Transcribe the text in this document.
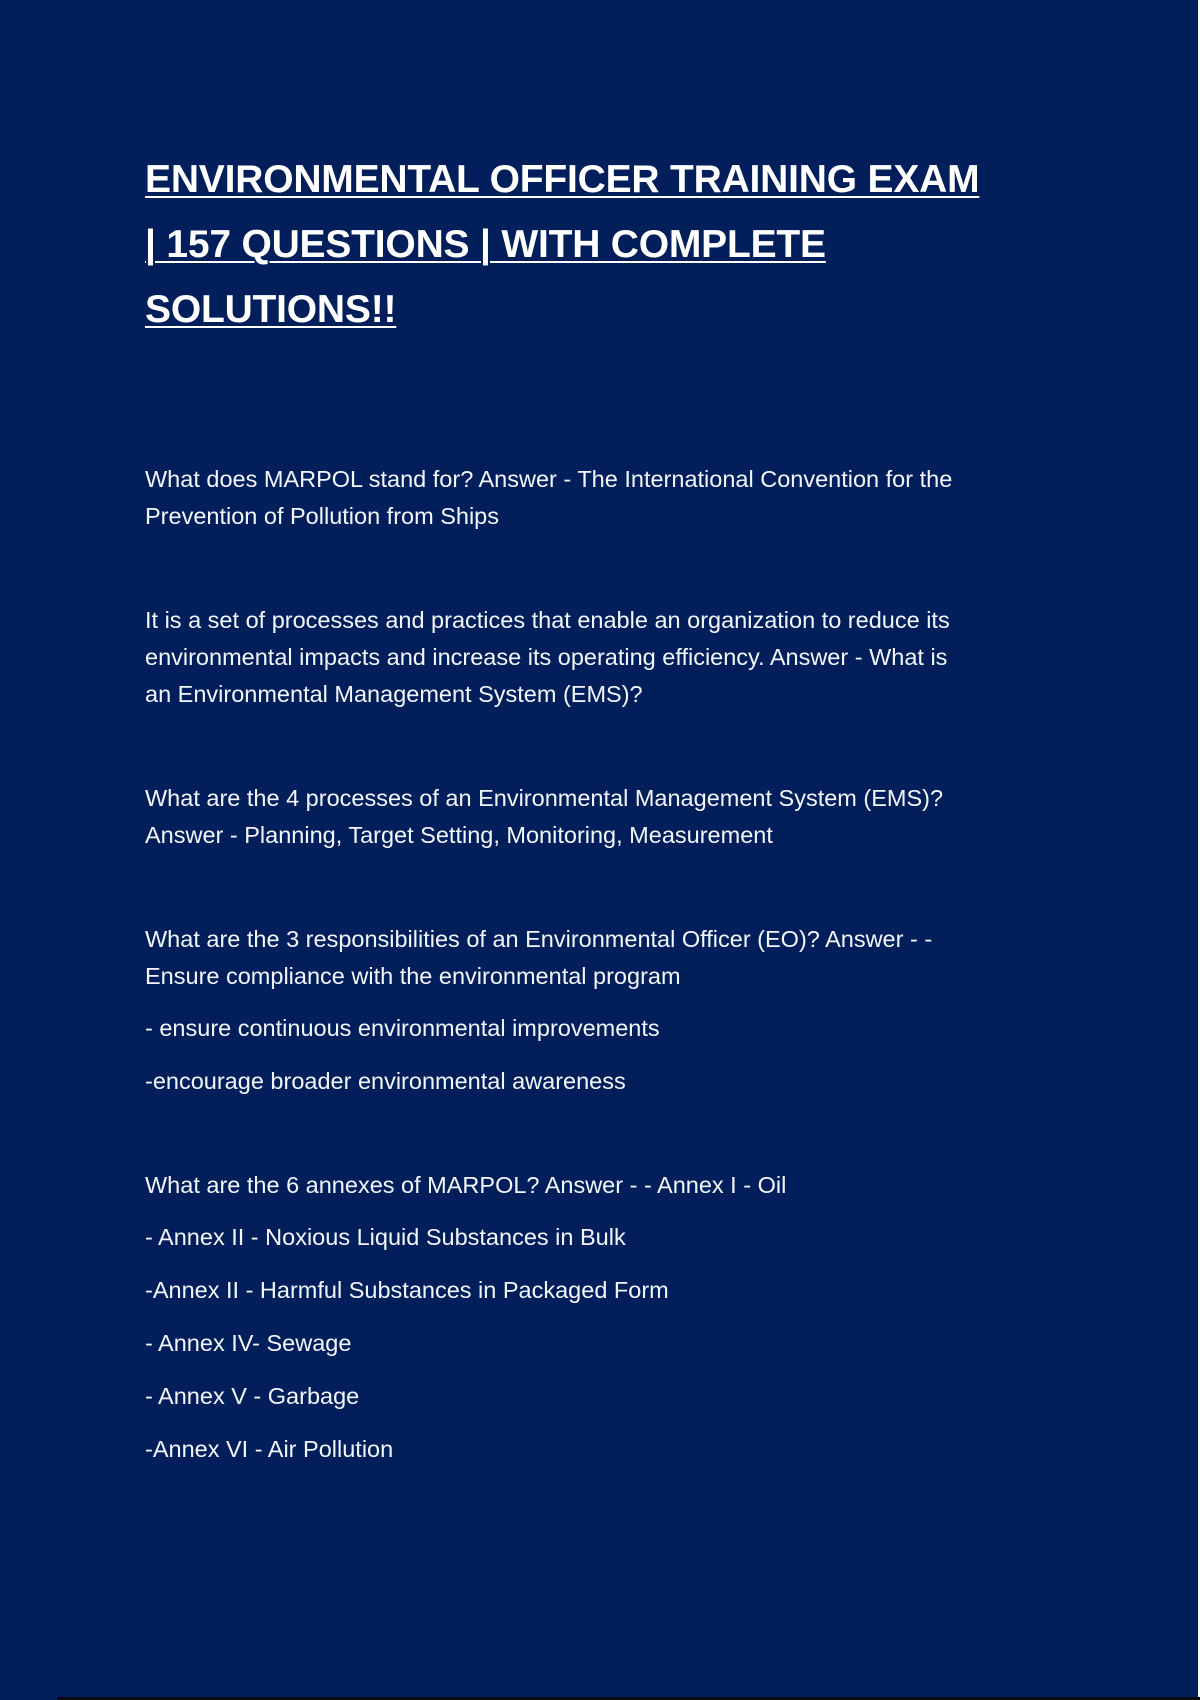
ENVIRONMENTAL OFFICER TRAINING EXAM
| 157 QUESTIONS | WITH COMPLETE
SOLUTIONS!!

What does MARPOL stand for? Answer - The International Convention for the
Prevention of Pollution from Ships

It is a set of processes and practices that enable an organization to reduce its
environmental impacts and increase its operating efficiency. Answer - What is
an Environmental Management System (EMS)?

What are the 4 processes of an Environmental Management System (EMS)?
Answer - Planning, Target Setting, Monitoring, Measurement

What are the 3 responsibilities of an Environmental Officer (EO)? Answer - -
Ensure compliance with the environmental program

- ensure continuous environmental improvements

-encourage broader environmental awareness

What are the 6 annexes of MARPOL? Answer - - Annex I - Oil

- Annex II - Noxious Liquid Substances in Bulk

-Annex II - Harmful Substances in Packaged Form

- Annex IV- Sewage

- Annex V - Garbage

-Annex VI - Air Pollution
